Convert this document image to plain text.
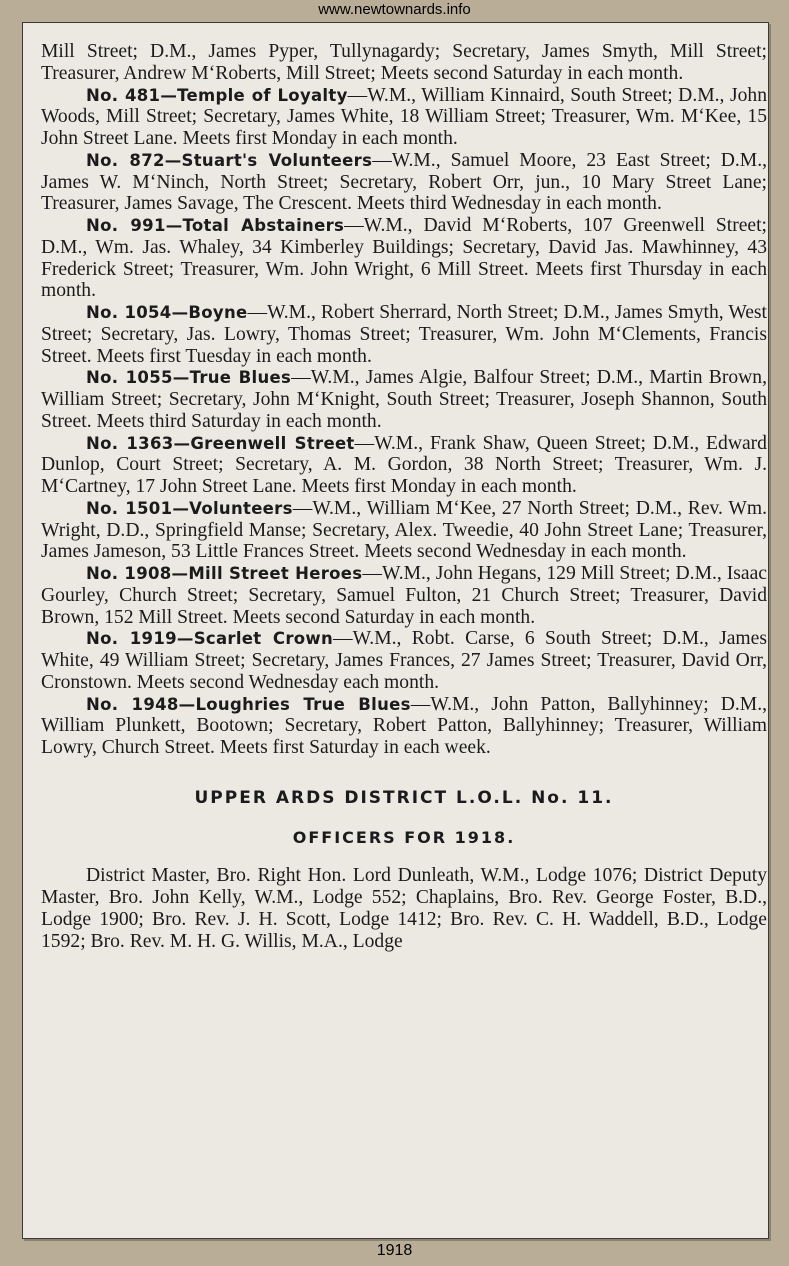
www.newtownards.info

Mill Street; D.M., James Pyper, Tullynagardy; Secretary, James Smyth, Mill Street; Treasurer, Andrew M‘Roberts, Mill Street; Meets second Saturday in each month.

No. 481—Temple of Loyalty—W.M., William Kinnaird, South Street; D.M., John Woods, Mill Street; Secretary, James White, 18 William Street; Treasurer, Wm. M‘Kee, 15 John Street Lane. Meets first Monday in each month.

No. 872—Stuart's Volunteers—W.M., Samuel Moore, 23 East Street; D.M., James W. M‘Ninch, North Street; Secretary, Robert Orr, jun., 10 Mary Street Lane; Treasurer, James Savage, The Crescent. Meets third Wednesday in each month.

No. 991—Total Abstainers—W.M., David M‘Roberts, 107 Greenwell Street; D.M., Wm. Jas. Whaley, 34 Kimberley Buildings; Secretary, David Jas. Mawhinney, 43 Frederick Street; Treasurer, Wm. John Wright, 6 Mill Street. Meets first Thursday in each month.

No. 1054—Boyne—W.M., Robert Sherrard, North Street; D.M., James Smyth, West Street; Secretary, Jas. Lowry, Thomas Street; Treasurer, Wm. John M‘Clements, Francis Street. Meets first Tuesday in each month.

No. 1055—True Blues—W.M., James Algie, Balfour Street; D.M., Martin Brown, William Street; Secretary, John M‘Knight, South Street; Treasurer, Joseph Shannon, South Street. Meets third Saturday in each month.

No. 1363—Greenwell Street—W.M., Frank Shaw, Queen Street; D.M., Edward Dunlop, Court Street; Secretary, A. M. Gordon, 38 North Street; Treasurer, Wm. J. M‘Cartney, 17 John Street Lane. Meets first Monday in each month.

No. 1501—Volunteers—W.M., William M‘Kee, 27 North Street; D.M., Rev. Wm. Wright, D.D., Springfield Manse; Secretary, Alex. Tweedie, 40 John Street Lane; Treasurer, James Jameson, 53 Little Frances Street. Meets second Wednesday in each month.

No. 1908—Mill Street Heroes—W.M., John Hegans, 129 Mill Street; D.M., Isaac Gourley, Church Street; Secretary, Samuel Fulton, 21 Church Street; Treasurer, David Brown, 152 Mill Street. Meets second Saturday in each month.

No. 1919—Scarlet Crown—W.M., Robt. Carse, 6 South Street; D.M., James White, 49 William Street; Secretary, James Frances, 27 James Street; Treasurer, David Orr, Cronstown. Meets second Wednesday each month.

No. 1948—Loughries True Blues—W.M., John Patton, Ballyhinney; D.M., William Plunkett, Bootown; Secretary, Robert Patton, Ballyhinney; Treasurer, William Lowry, Church Street. Meets first Saturday in each week.

UPPER ARDS DISTRICT L.O.L. No. 11.

OFFICERS FOR 1918.

District Master, Bro. Right Hon. Lord Dunleath, W.M., Lodge 1076; District Deputy Master, Bro. John Kelly, W.M., Lodge 552; Chaplains, Bro. Rev. George Foster, B.D., Lodge 1900; Bro. Rev. J. H. Scott, Lodge 1412; Bro. Rev. C. H. Waddell, B.D., Lodge 1592; Bro. Rev. M. H. G. Willis, M.A., Lodge

1918
